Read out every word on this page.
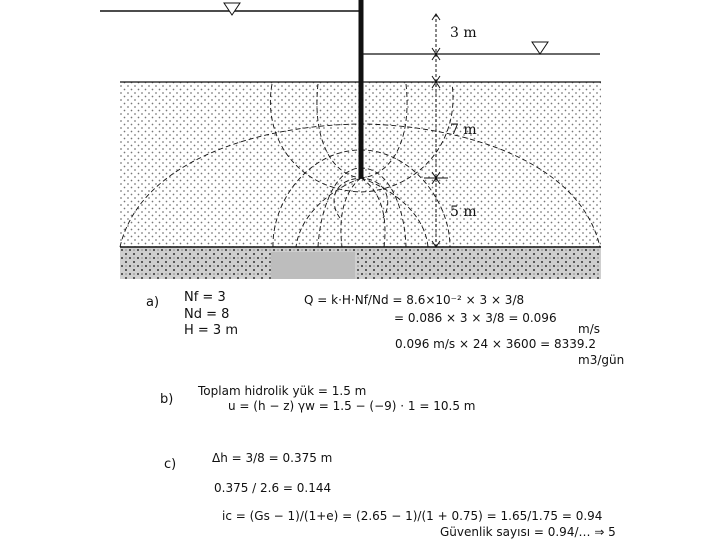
3 m
7 m
5 m
a) Nf = 3
Nd = 8
H = 3 m
Q = k·H·Nf/Nd = 8.6×10⁻² × 3 × 3/8
= 0.086 × 3 × 3/8 = 0.096
m/s
0.096 m/s × 24 × 3600 = 8339.2
m3/gün
b)
Toplam hidrolik yük = 1.5 m
u = (h − z) γw = 1.5 − (−9) · 1 = 10.5 m
c)	Δh = 3/8 = 0.375 m
0.375 / 2.6 = 0.144
ic = (Gs − 1)/(1+e) = (2.65 − 1)/(1 + 0.75) = 1.65/1.75 = 0.94
Güvenlik sayısı = 0.94/… ⇒ 5
